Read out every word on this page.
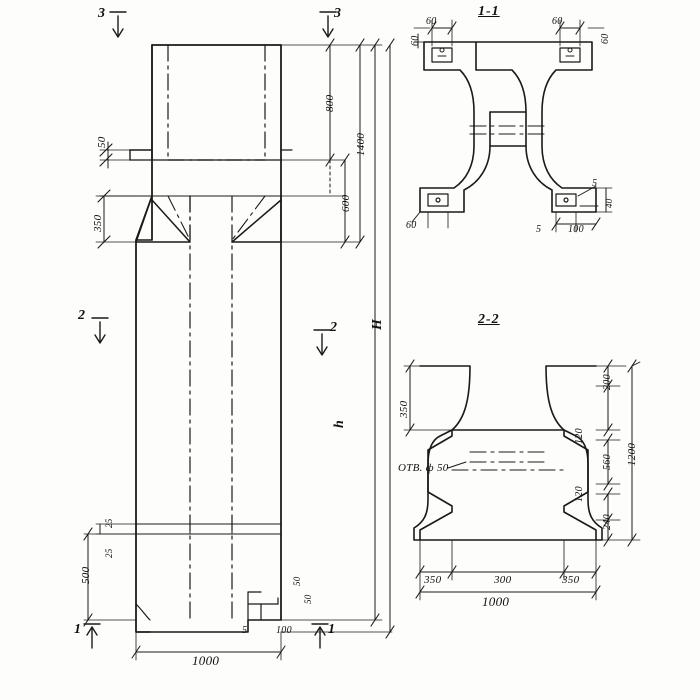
1-1
2-2
3	3
2
2
1	1
800
600
1400
H
h
50
350
25
25
500
1000
5	100
50
50
60
60
60
60
60
5
40
5	100
350
200
120
560
120
240
1200
350	300	350
1000
OTB. ф 50
